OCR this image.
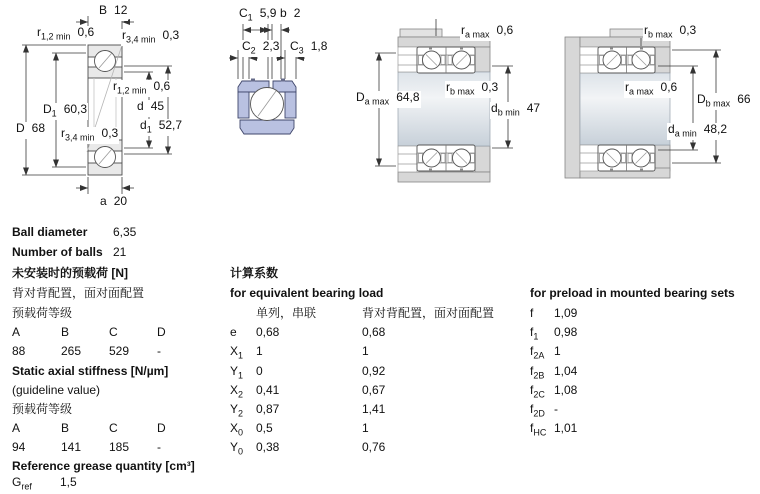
B 12
$r_{1,2 min}$ 0,6 $r_{3,4 min}$ 0,3
$r_{1,2 min}$ 0,6
d 45
$d_1$ 52,7
$D_1$ 60,3
D 68 $r_{3,4 min}$ 0,3
a 20
$C_1$ 5,9 b 2
$C_2$ 2,3 $C_3$ 1,8
$r_{a max}$ 0,6
$r_{b max}$ 0,3
$D_{a max}$ 64,8
$d_{b min}$ 47
$r_{b max}$ 0,3
$r_{a max}$ 0,6
$D_{b max}$ 66
$d_{a min}$ 48,2
Ball diameter 6,35
Number of balls 21
未安装时的预载荷 [N]
背对背配置，面对面配置
预载荷等级
A	B	C	D
88	265 529 -
Static axial stiffness [N/µm]
(guideline value)
预载荷等级
A	B	C	D
94	141 185 -
Reference grease quantity [cm³]
$G_{ref}$ 1,5
计算系数
for equivalent bearing load
单列，串联	背对背配置，面对面配置
e 0,68	0,68
$X_1$ 1	1
$Y_1$ 0	0,92
$X_2$ 0,41	0,67
$Y_2$ 0,87	1,41
$X_0$ 0,5	1
$Y_0$ 0,38	0,76
for preload in mounted bearing sets
f 1,09
$f_1$ 0,98
$f_{2A}$ 1
$f_{2B}$ 1,04
$f_{2C}$ 1,08
$f_{2D}$ -
$f_{HC}$ 1,01
